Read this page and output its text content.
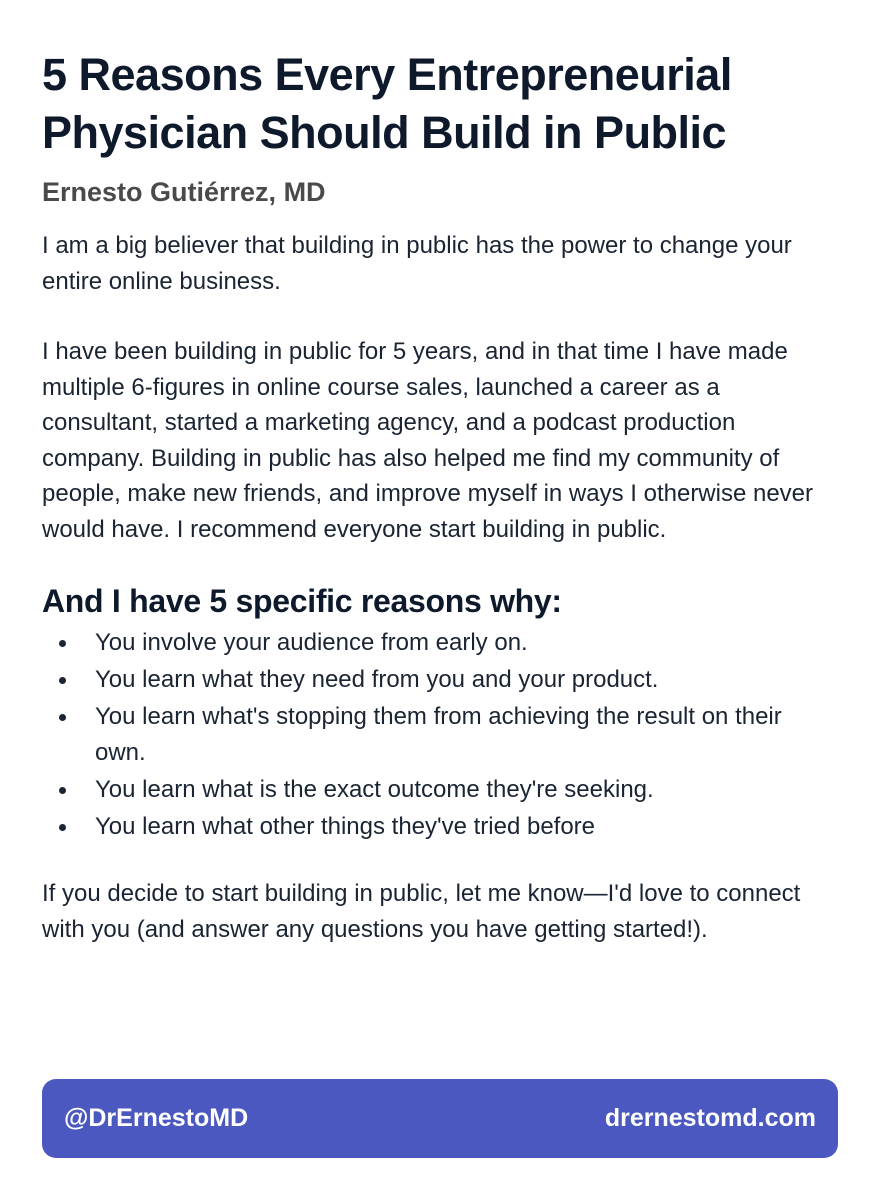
5 Reasons Every Entrepreneurial Physician Should Build in Public
Ernesto Gutiérrez, MD

I am a big believer that building in public has the power to change your entire online business.

I have been building in public for 5 years, and in that time I have made multiple 6-figures in online course sales, launched a career as a consultant, started a marketing agency, and a podcast production company. Building in public has also helped me find my community of people, make new friends, and improve myself in ways I otherwise never would have. I recommend everyone start building in public.

And I have 5 specific reasons why:
You involve your audience from early on.
You learn what they need from you and your product.
You learn what's stopping them from achieving the result on their own.
You learn what is the exact outcome they're seeking.
You learn what other things they've tried before

If you decide to start building in public, let me know—I'd love to connect with you (and answer any questions you have getting started!).

@DrErnestoMD	drernestomd.com
